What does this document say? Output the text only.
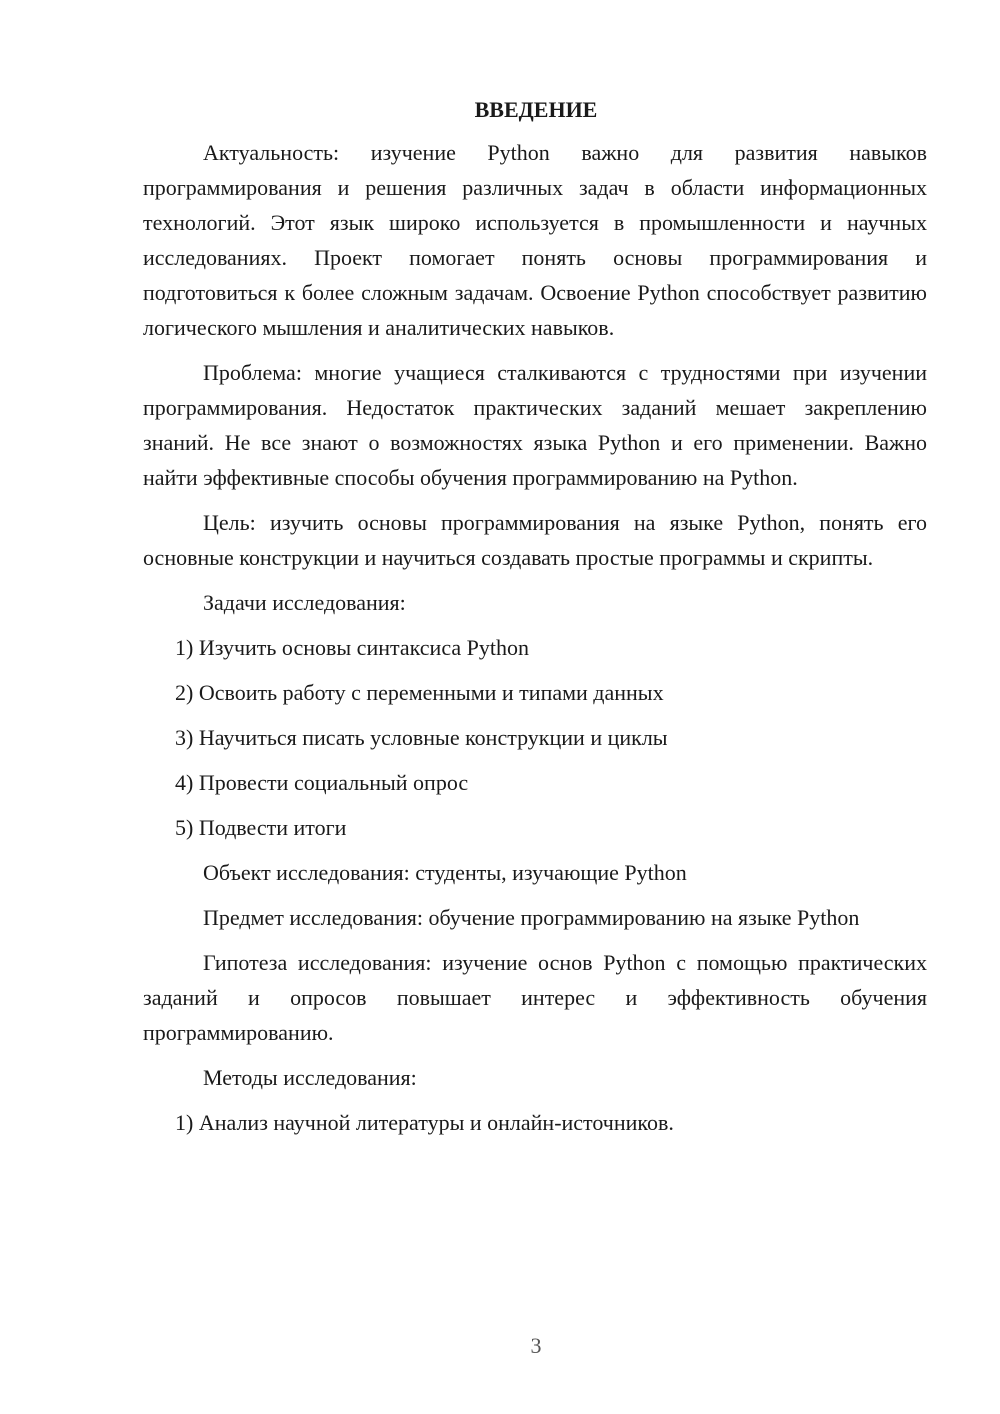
ВВЕДЕНИЕ

Актуальность: изучение Python важно для развития навыков программирования и решения различных задач в области информационных технологий. Этот язык широко используется в промышленности и научных исследованиях. Проект помогает понять основы программирования и подготовиться к более сложным задачам. Освоение Python способствует развитию логического мышления и аналитических навыков.

Проблема: многие учащиеся сталкиваются с трудностями при изучении программирования. Недостаток практических заданий мешает закреплению знаний. Не все знают о возможностях языка Python и его применении. Важно найти эффективные способы обучения программированию на Python.

Цель: изучить основы программирования на языке Python, понять его основные конструкции и научиться создавать простые программы и скрипты.

Задачи исследования:
1) Изучить основы синтаксиса Python
2) Освоить работу с переменными и типами данных
3) Научиться писать условные конструкции и циклы
4) Провести социальный опрос
5) Подвести итоги

Объект исследования: студенты, изучающие Python

Предмет исследования: обучение программированию на языке Python

Гипотеза исследования: изучение основ Python с помощью практических заданий и опросов повышает интерес и эффективность обучения программированию.

Методы исследования:
1) Анализ научной литературы и онлайн-источников.
3
